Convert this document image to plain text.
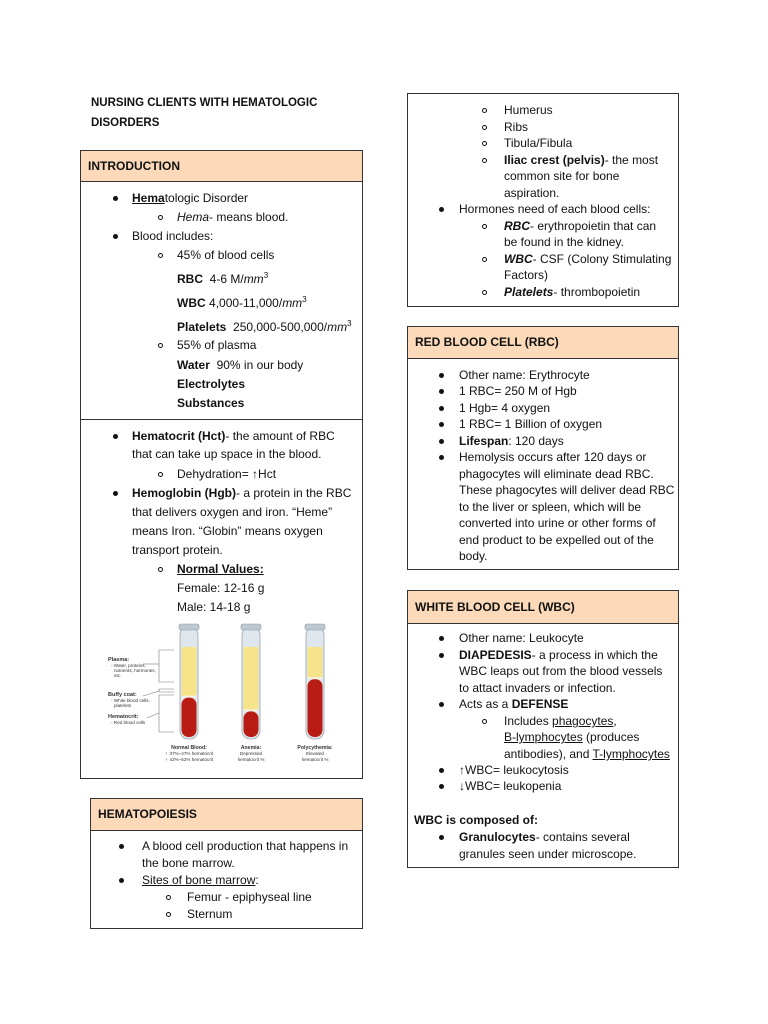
NURSING CLIENTS WITH HEMATOLOGIC DISORDERS
INTRODUCTION
Hematologic Disorder
Hema- means blood.
Blood includes:
45% of blood cells
RBC 4-6 $M/mm^3$
WBC $4,000-11,000/mm^3$
Platelets $250,000-500,000/mm^3$
55% of plasma
Water 90% in our body
Electrolytes
Substances
Hematocrit (Hct)- the amount of RBC
that can take up space in the blood.
Dehydration= ↑Hct
Hemoglobin (Hgb)- a protein in the RBC
that delivers oxygen and iron. “Heme”
means Iron. “Globin” means oxygen
transport protein.
Normal Values:
Female: 12-16 g
Male: 14-18 g
Plasma:
- Water, proteins,
nutrients, hormones,
etc.
Buffy coat:
- White blood cells,
platelets
Hematocrit:
- Red blood cells
Normal Blood:
♀ 37%–47% hematocrit
♂ 42%–52% hematocrit
Anemia:
Depressed
hematocrit %
Polycythemia:
Elevated
hematocrit %
HEMATOPOIESIS
A blood cell production that happens in
the bone marrow.
Sites of bone marrow:
Femur - epiphyseal line
Sternum
Humerus
Ribs
Tibula/Fibula
Iliac crest (pelvis)- the most
common site for bone
aspiration.
Hormones need of each blood cells:
RBC- erythropoietin that can
be found in the kidney.
WBC- CSF (Colony Stimulating
Factors)
Platelets- thrombopoietin
RED BLOOD CELL (RBC)
Other name: Erythrocyte
1 RBC= 250 M of Hgb
1 Hgb= 4 oxygen
1 RBC= 1 Billion of oxygen
Lifespan: 120 days
Hemolysis occurs after 120 days or
phagocytes will eliminate dead RBC.
These phagocytes will deliver dead RBC
to the liver or spleen, which will be
converted into urine or other forms of
end product to be expelled out of the
body.
WHITE BLOOD CELL (WBC)
Other name: Leukocyte
DIAPEDESIS- a process in which the
WBC leaps out from the blood vessels
to attact invaders or infection.
Acts as a DEFENSE
Includes phagocytes,
B-lymphocytes (produces
antibodies), and T-lymphocytes
↑WBC= leukocytosis
↓WBC= leukopenia
WBC is composed of:
Granulocytes- contains several
granules seen under microscope.
